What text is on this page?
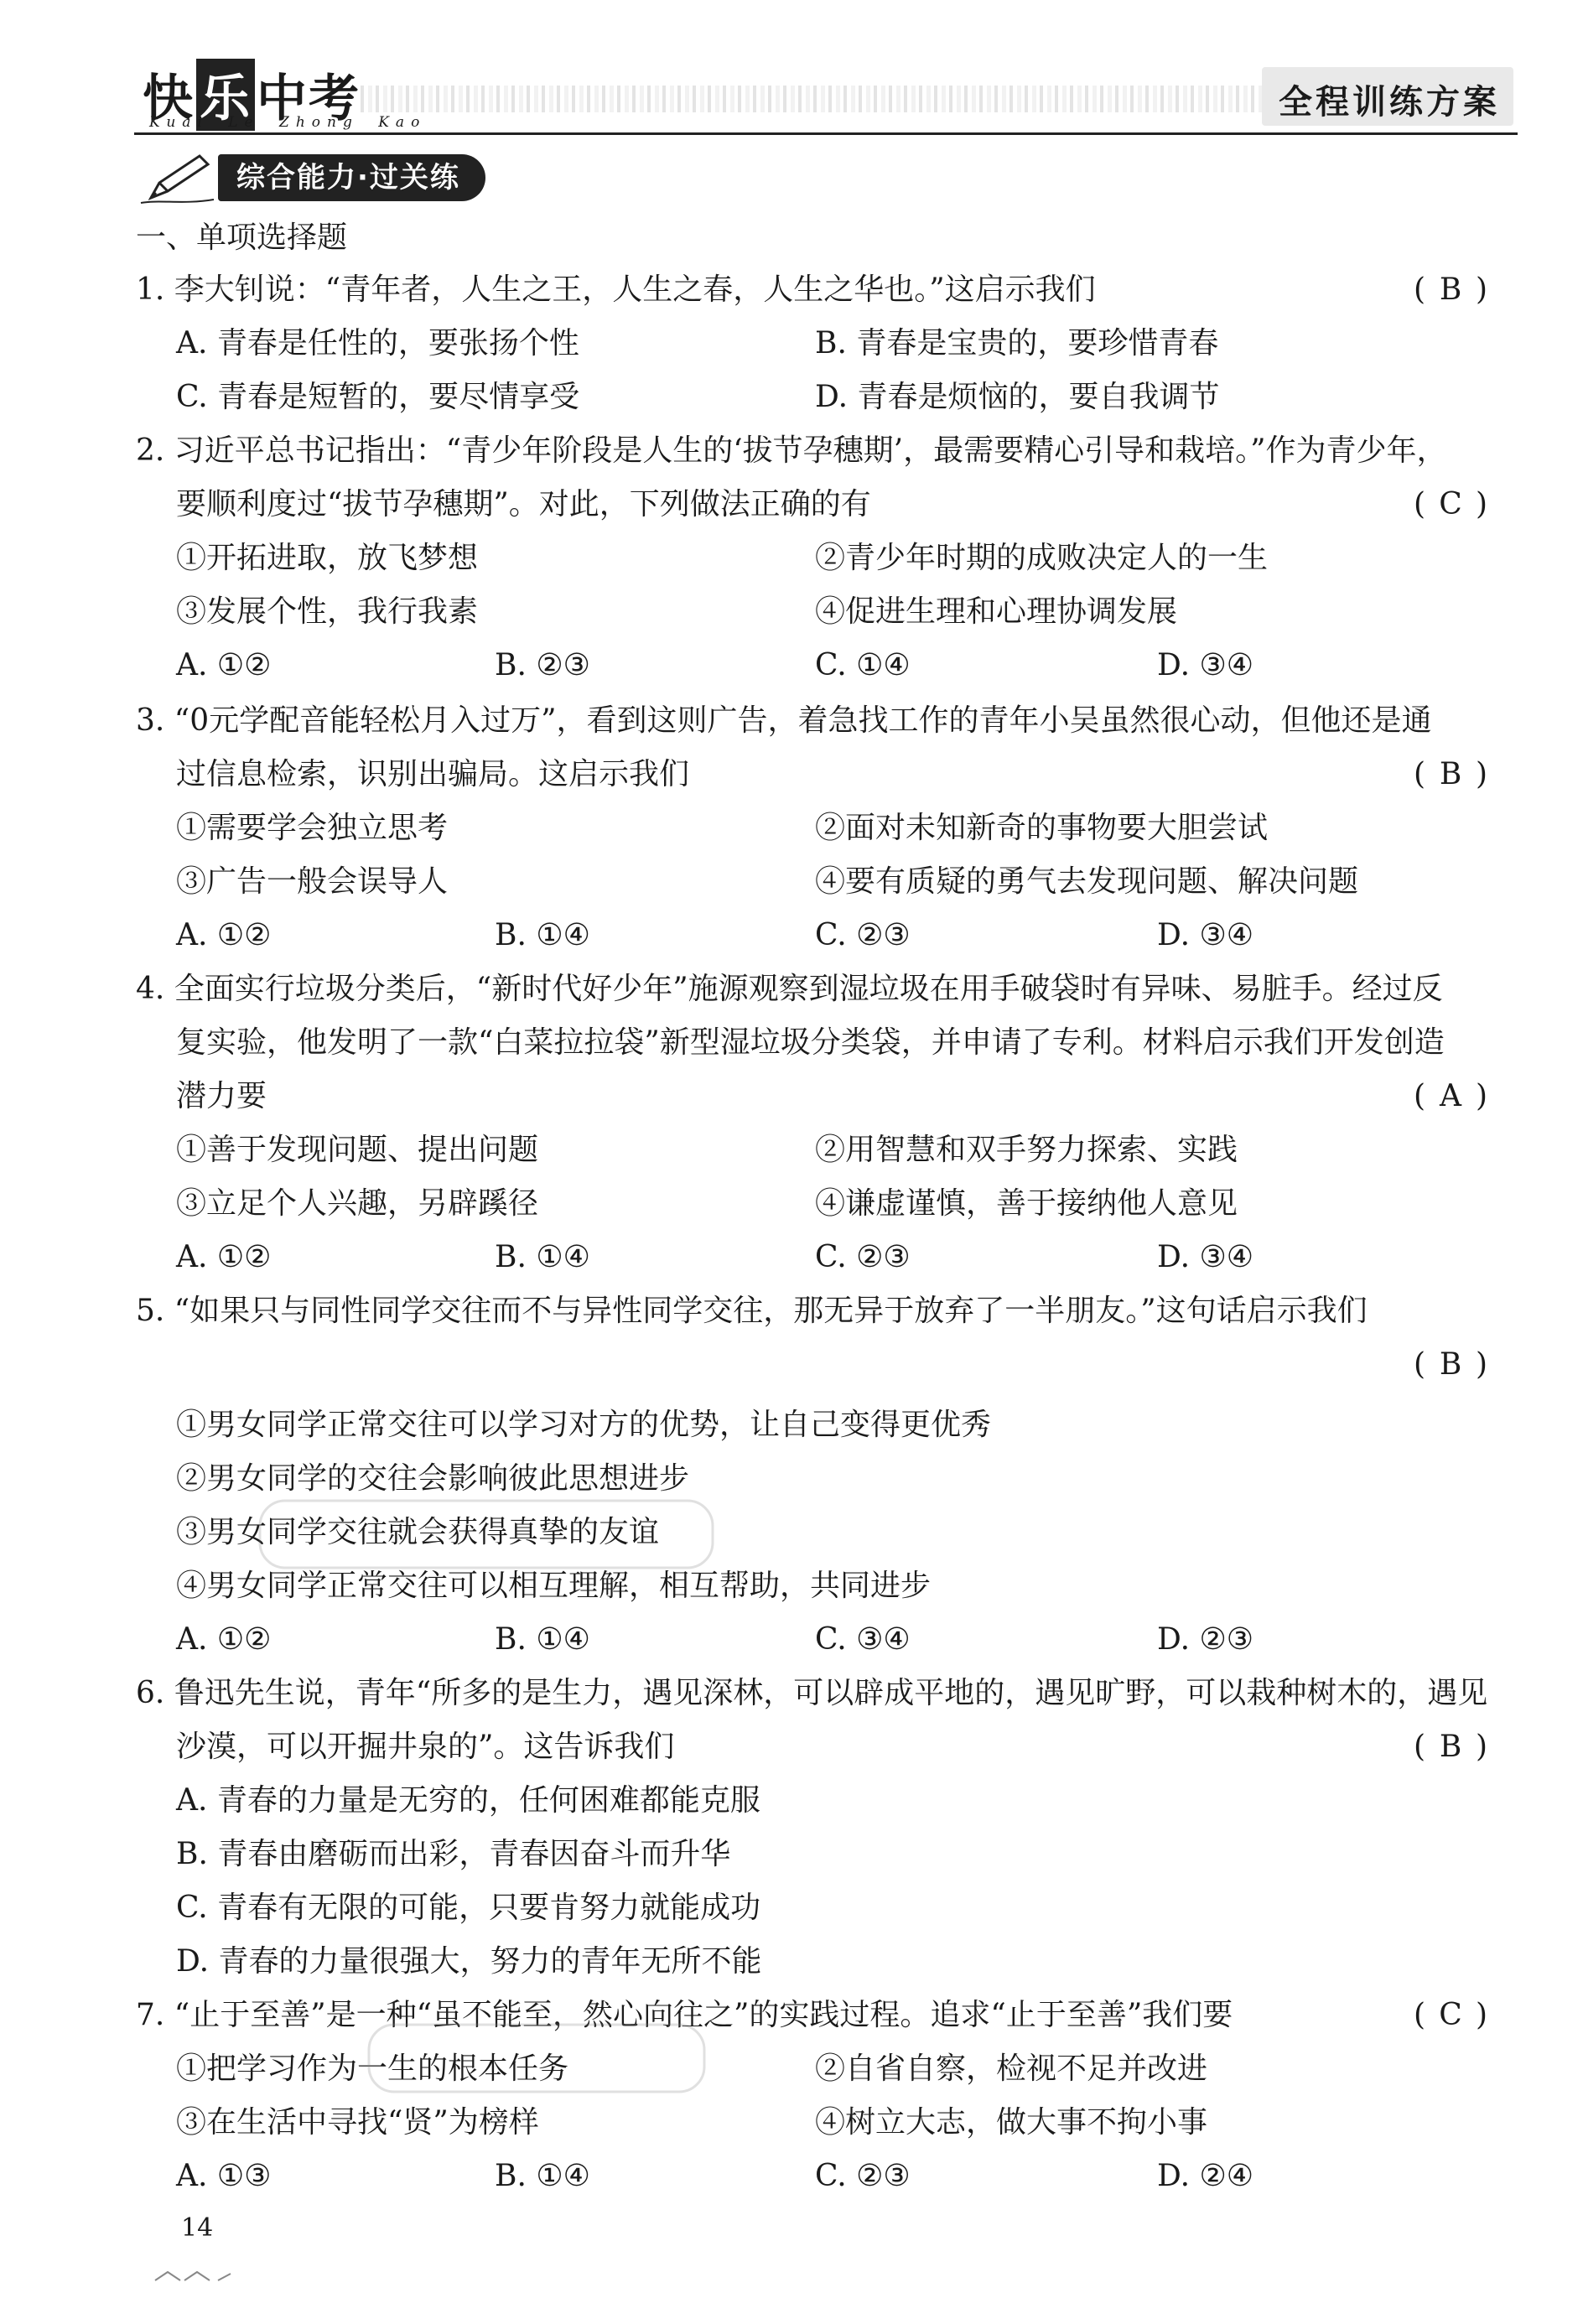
快 乐 中考
Kuai Le Zhong Kao
全程训练方案
综合能力·过关练
一、单项选择题
1. 李大钊说：“青年者，人生之王，人生之春，人生之华也。”这启示我们	( B )
A. 青春是任性的，要张扬个性	B. 青春是宝贵的，要珍惜青春
C. 青春是短暂的，要尽情享受	D. 青春是烦恼的，要自我调节
2. 习近平总书记指出：“青少年阶段是人生的‘拔节孕穗期’，最需要精心引导和栽培。”作为青少年，
要顺利度过“拔节孕穗期”。对此，下列做法正确的有	( C )
①开拓进取，放飞梦想	②青少年时期的成败决定人的一生
③发展个性，我行我素	④促进生理和心理协调发展
A. ①②	B. ②③	C. ①④	D. ③④
3. “0元学配音能轻松月入过万”，看到这则广告，着急找工作的青年小吴虽然很心动，但他还是通
过信息检索，识别出骗局。这启示我们	( B )
①需要学会独立思考	②面对未知新奇的事物要大胆尝试
③广告一般会误导人	④要有质疑的勇气去发现问题、解决问题
A. ①②	B. ①④	C. ②③	D. ③④
4. 全面实行垃圾分类后，“新时代好少年”施源观察到湿垃圾在用手破袋时有异味、易脏手。经过反
复实验，他发明了一款“白菜拉拉袋”新型湿垃圾分类袋，并申请了专利。材料启示我们开发创造
潜力要	( A )
①善于发现问题、提出问题	②用智慧和双手努力探索、实践
③立足个人兴趣，另辟蹊径	④谦虚谨慎，善于接纳他人意见
A. ①②	B. ①④	C. ②③	D. ③④
5. “如果只与同性同学交往而不与异性同学交往，那无异于放弃了一半朋友。”这句话启示我们
( B )
①男女同学正常交往可以学习对方的优势，让自己变得更优秀
②男女同学的交往会影响彼此思想进步
③男女同学交往就会获得真挚的友谊
④男女同学正常交往可以相互理解，相互帮助，共同进步
A. ①②	B. ①④	C. ③④	D. ②③
6. 鲁迅先生说，青年“所多的是生力，遇见深林，可以辟成平地的，遇见旷野，可以栽种树木的，遇见
沙漠，可以开掘井泉的”。这告诉我们	( B )
A. 青春的力量是无穷的，任何困难都能克服
B. 青春由磨砺而出彩，青春因奋斗而升华
C. 青春有无限的可能，只要肯努力就能成功
D. 青春的力量很强大，努力的青年无所不能
7. “止于至善”是一种“虽不能至，然心向往之”的实践过程。追求“止于至善”我们要	( C )
①把学习作为一生的根本任务	②自省自察，检视不足并改进
③在生活中寻找“贤”为榜样	④树立大志，做大事不拘小事
A. ①③	B. ①④	C. ②③	D. ②④
14
